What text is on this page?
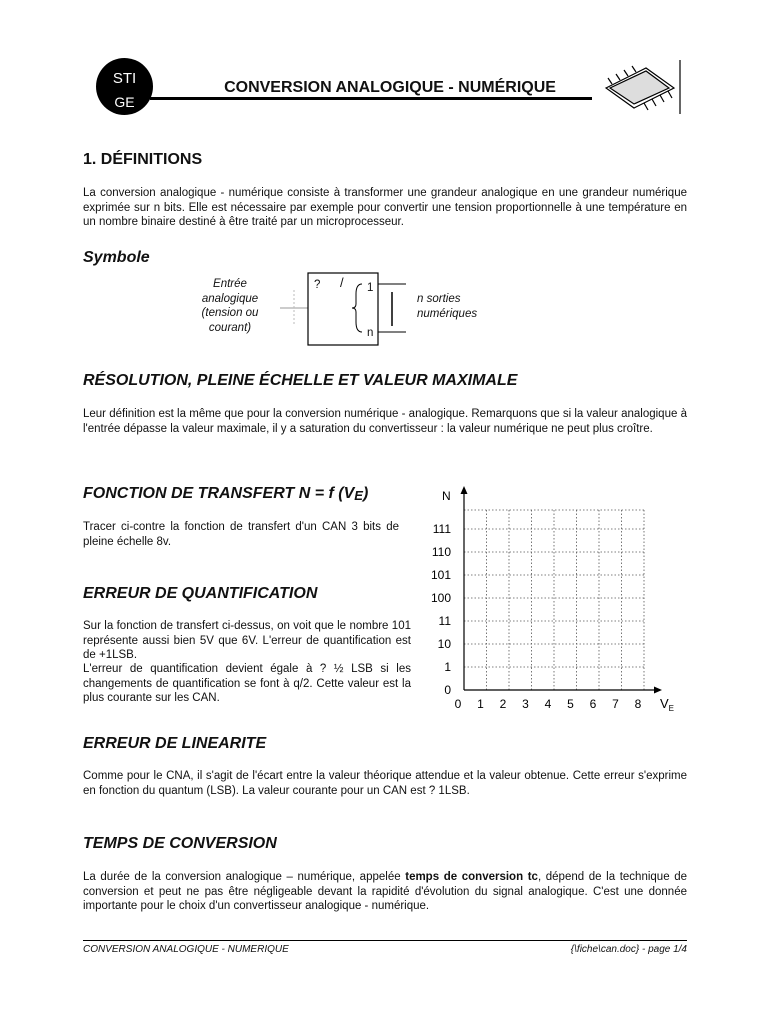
STI
GE
CONVERSION ANALOGIQUE - NUMÉRIQUE
1. DÉFINITIONS
La conversion analogique - numérique consiste à transformer une grandeur analogique en une grandeur numérique exprimée sur n bits. Elle est nécessaire par exemple pour convertir une tension proportionnelle à une température en un nombre binaire destiné à être traité par un microprocesseur.
Symbole
Entrée
analogique
(tension ou
courant)
? / 1
n
n sorties
numériques
RÉSOLUTION, PLEINE ÉCHELLE ET VALEUR MAXIMALE
Leur définition est la même que pour la conversion numérique - analogique. Remarquons que si la valeur analogique à l'entrée dépasse la valeur maximale, il y a saturation du convertisseur : la valeur numérique ne peut plus croître.
FONCTION DE TRANSFERT N = f (VE)
Tracer ci-contre la fonction de transfert d'un CAN 3 bits de pleine échelle 8v.
0
1
10
11
100
101
110
111
0 1 2 3 4 5 6 7 8
N
$V_E$
ERREUR DE QUANTIFICATION
Sur la fonction de transfert ci-dessus, on voit que le nombre 101 représente aussi bien 5V que 6V. L'erreur de quantification est de +1LSB.
L'erreur de quantification devient égale à ? ½ LSB si les changements de quantification se font à q/2. Cette valeur est la plus courante sur les CAN.
ERREUR DE LINEARITE
Comme pour le CNA, il s'agit de l'écart entre la valeur théorique attendue et la valeur obtenue. Cette erreur s'exprime en fonction du quantum (LSB). La valeur courante pour un CAN est ? 1LSB.
TEMPS DE CONVERSION
La durée de la conversion analogique – numérique, appelée temps de conversion tc, dépend de la technique de conversion et peut ne pas être négligeable devant la rapidité d'évolution du signal analogique. C'est une donnée importante pour le choix d'un convertisseur analogique - numérique.
CONVERSION ANALOGIQUE - NUMERIQUE	{\fiche\can.doc} - page 1/4
